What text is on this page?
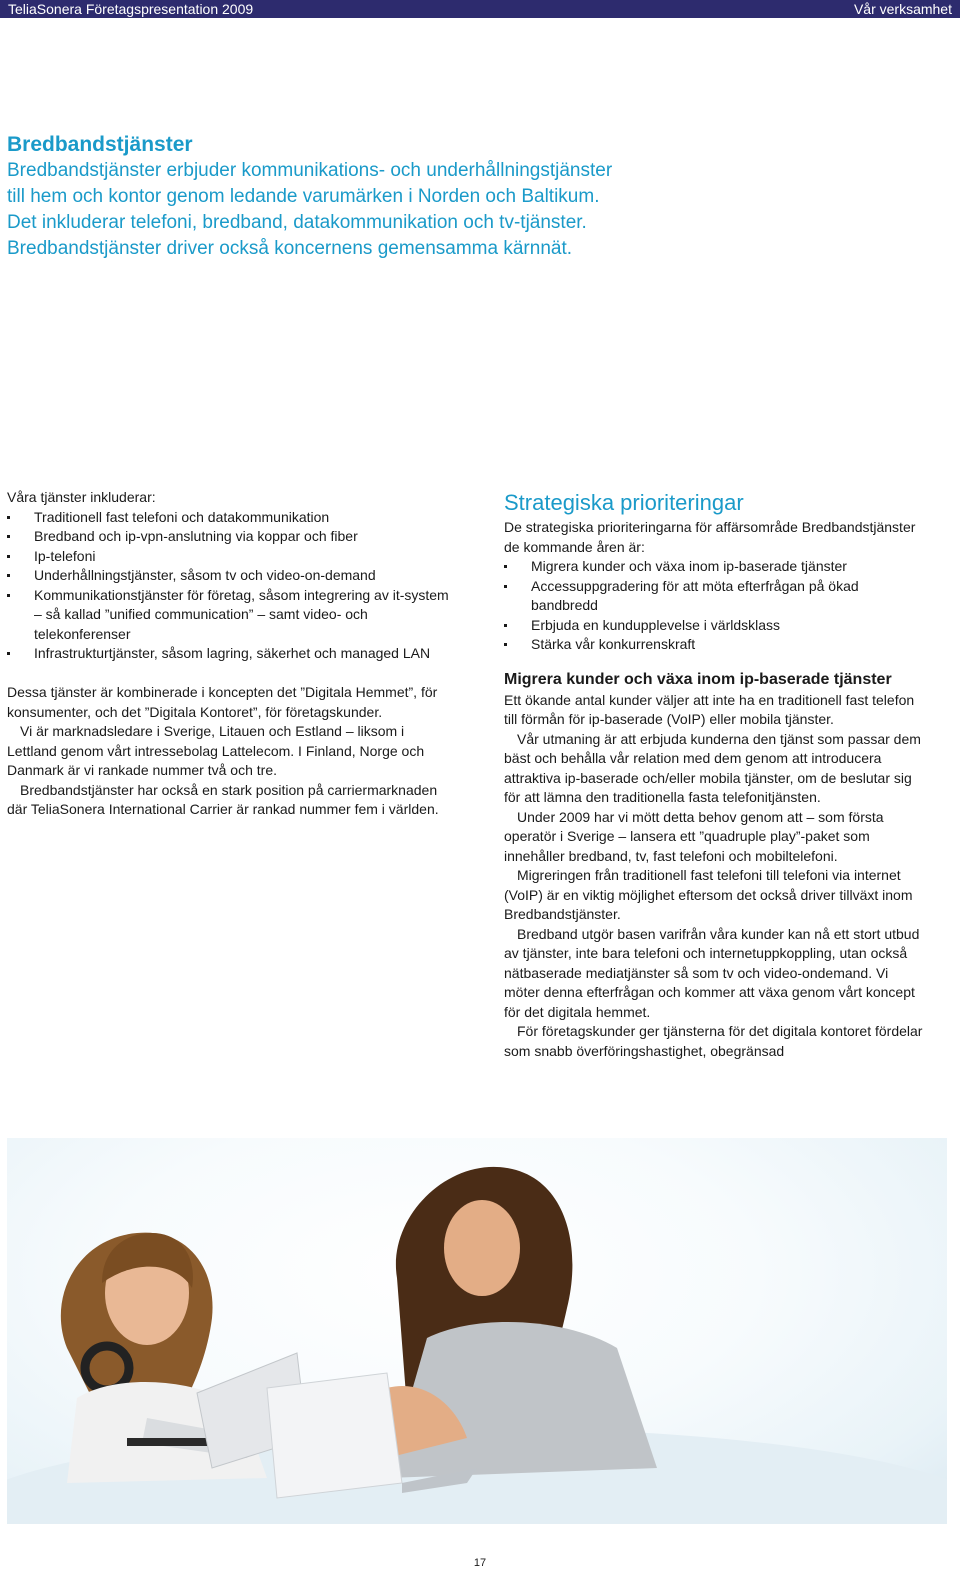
TeliaSonera Företagspresentation 2009	Vår verksamhet
Bredbandstjänster

Bredbandstjänster erbjuder kommunikations- och underhållningstjänster till hem och kontor genom ledande varumärken i Norden och Baltikum. Det inkluderar telefoni, bredband, datakommunikation och tv-tjänster. Bredbandstjänster driver också koncernens gemensamma kärnnät.

Våra tjänster inkluderar:

Traditionell fast telefoni och datakommunikation
Bredband och ip-vpn-anslutning via koppar och fiber
Ip-telefoni
Underhållningstjänster, såsom tv och video-on-demand
Kommunikationstjänster för företag, såsom integrering av it-system – så kallad ”unified communication” – samt video- och telekonferenser
Infrastrukturtjänster, såsom lagring, säkerhet och managed LAN

Dessa tjänster är kombinerade i koncepten det ”Digitala Hemmet”, för konsumenter, och det ”Digitala Kontoret”, för företagskunder.

Vi är marknadsledare i Sverige, Litauen och Estland – liksom i Lettland genom vårt intressebolag Lattelecom. I Finland, Norge och Danmark är vi rankade nummer två och tre.

Bredbandstjänster har också en stark position på carriermarknaden där TeliaSonera International Carrier är rankad nummer fem i världen.

Strategiska prioriteringar

De strategiska prioriteringarna för affärsområde Bredbandstjänster de kommande åren är:

Migrera kunder och växa inom ip-baserade tjänster
Accessuppgradering för att möta efterfrågan på ökad bandbredd
Erbjuda en kundupplevelse i världsklass
Stärka vår konkurrenskraft
Migrera kunder och växa inom ip-baserade tjänster

Ett ökande antal kunder väljer att inte ha en traditionell fast telefon till förmån för ip-baserade (VoIP) eller mobila tjänster.

Vår utmaning är att erbjuda kunderna den tjänst som passar dem bäst och behålla vår relation med dem genom att introducera attraktiva ip-baserade och/eller mobila tjänster, om de beslutar sig för att lämna den traditionella fasta telefonitjänsten.

Under 2009 har vi mött detta behov genom att – som första operatör i Sverige – lansera ett ”quadruple play”-paket som innehåller bredband, tv, fast telefoni och mobiltelefoni.

Migreringen från traditionell fast telefoni till telefoni via internet (VoIP) är en viktig möjlighet eftersom det också driver tillväxt inom Bredbandstjänster.

Bredband utgör basen varifrån våra kunder kan nå ett stort utbud av tjänster, inte bara telefoni och internetuppkoppling, utan också nätbaserade mediatjänster så som tv och video-ondemand. Vi möter denna efterfrågan och kommer att växa genom vårt koncept för det digitala hemmet.

För företagskunder ger tjänsterna för det digitala kontoret fördelar som snabb överföringshastighet, obegränsad

17
